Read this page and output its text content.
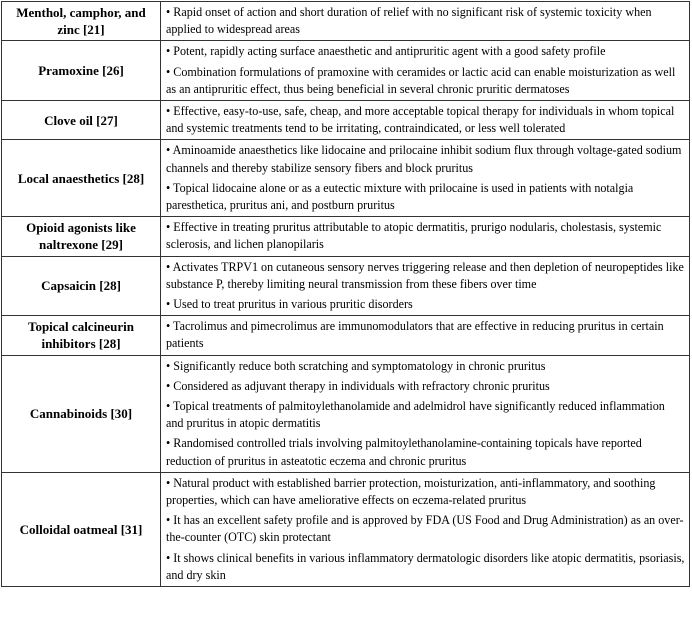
Menthol, camphor, and zinc [21]	• Rapid onset of action and short duration of relief with no significant risk of systemic toxicity when applied to widespread areas

Pramoxine [26]	• Potent, rapidly acting surface anaesthetic and antipruritic agent with a good safety profile

• Combination formulations of pramoxine with ceramides or lactic acid can enable moisturization as well as an antipruritic effect, thus being beneficial in several chronic pruritic dermatoses

Clove oil [27]	• Effective, easy-to-use, safe, cheap, and more acceptable topical therapy for individuals in whom topical and systemic treatments tend to be irritating, contraindicated, or less well tolerated

Local anaesthetics [28]	• Aminoamide anaesthetics like lidocaine and prilocaine inhibit sodium flux through voltage-gated sodium channels and thereby stabilize sensory fibers and block pruritus

• Topical lidocaine alone or as a eutectic mixture with prilocaine is used in patients with notalgia paresthetica, pruritus ani, and postburn pruritus

Opioid agonists like naltrexone [29]	• Effective in treating pruritus attributable to atopic dermatitis, prurigo nodularis, cholestasis, systemic sclerosis, and lichen planopilaris

Capsaicin [28]	• Activates TRPV1 on cutaneous sensory nerves triggering release and then depletion of neuropeptides like substance P, thereby limiting neural transmission from these fibers over time

• Used to treat pruritus in various pruritic disorders

Topical calcineurin inhibitors [28]	• Tacrolimus and pimecrolimus are immunomodulators that are effective in reducing pruritus in certain patients

Cannabinoids [30]	• Significantly reduce both scratching and symptomatology in chronic pruritus

• Considered as adjuvant therapy in individuals with refractory chronic pruritus

• Topical treatments of palmitoylethanolamide and adelmidrol have significantly reduced inflammation and pruritus in atopic dermatitis

• Randomised controlled trials involving palmitoylethanolamine-containing topicals have reported reduction of pruritus in asteatotic eczema and chronic pruritus

Colloidal oatmeal [31]	• Natural product with established barrier protection, moisturization, anti-inflammatory, and soothing properties, which can have ameliorative effects on eczema-related pruritus

• It has an excellent safety profile and is approved by FDA (US Food and Drug Administration) as an over-the-counter (OTC) skin protectant

• It shows clinical benefits in various inflammatory dermatologic disorders like atopic dermatitis, psoriasis, and dry skin
